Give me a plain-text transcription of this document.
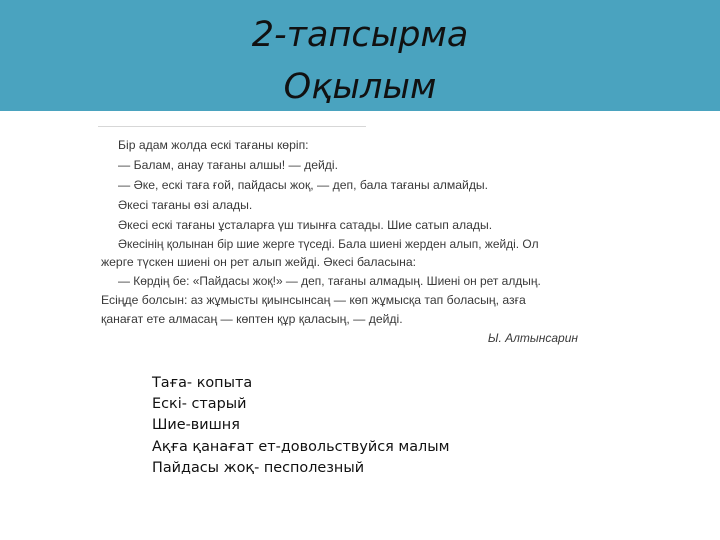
2-тапсырма
Оқылым
Бір адам жолда ескі тағаны көріп:
— Балам, анау тағаны алшы! — дейді.
— Әке, ескі таға ғой, пайдасы жоқ, — деп, бала тағаны алмайды.
Әкесі тағаны өзі алады.
Әкесі ескі тағаны ұсталарға үш тиынға сатады. Шие сатып алады.
Әкесінің қолынан бір шие жерге түседі. Бала шиені жерден алып, жейді. Ол
жерге түскен шиені он рет алып жейді. Әкесі баласына:
— Көрдің бе: «Пайдасы жоқ!» — деп, тағаны алмадың. Шиені он рет алдың.
Есіңде болсын: аз жұмысты қиынсынсаң — көп жұмысқа тап боласың, азға
қанағат ете алмасаң — көптен құр қаласың, — дейді.
Ы. Алтынсарин
Таға- копыта
Ескі- старый
Шие-вишня
Ақға қанағат ет-довольствуйся малым
Пайдасы жоқ- песполезный
